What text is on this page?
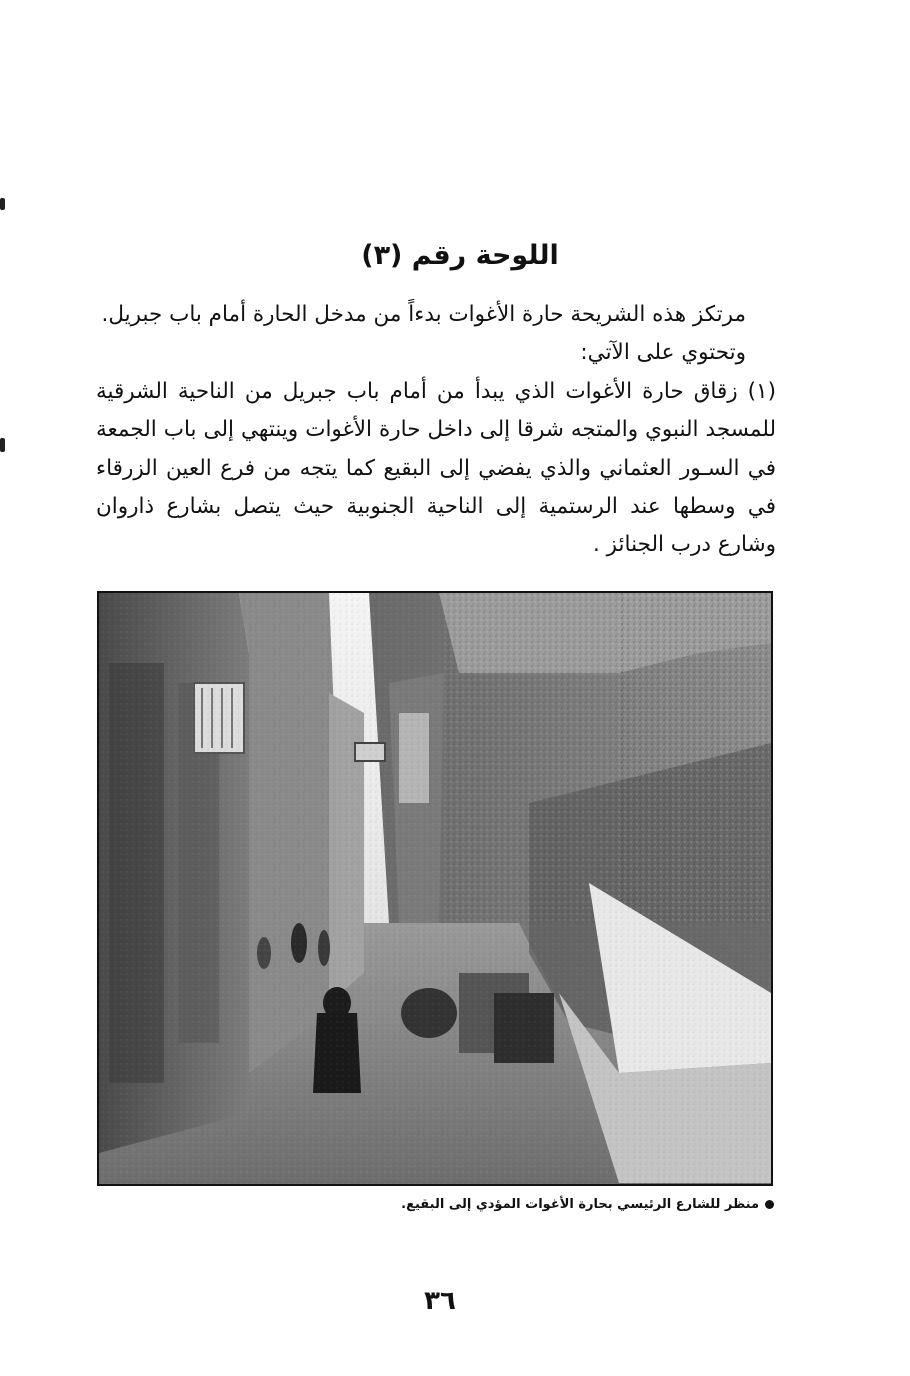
اللوحة رقم (٣)

مرتكز هذه الشريحة حارة الأغوات بدءاً من مدخل الحارة أمام باب جبريل.

وتحتوي على الآتي:

(١) زقاق حارة الأغوات الذي يبدأ من أمام باب جبريل من الناحية الشرقية للمسجد النبوي والمتجه شرقا إلى داخل حارة الأغوات وينتهي إلى باب الجمعة في السـور العثماني والذي يفضي إلى البقيع كما يتجه من فرع العين الزرقاء في وسطها عند الرستمية إلى الناحية الجنوبية حيث يتصل بشارع ذاروان وشارع درب الجنائز .

منظر للشارع الرئيسي بحارة الأغوات المؤدي إلى البقيع.
٣٦
